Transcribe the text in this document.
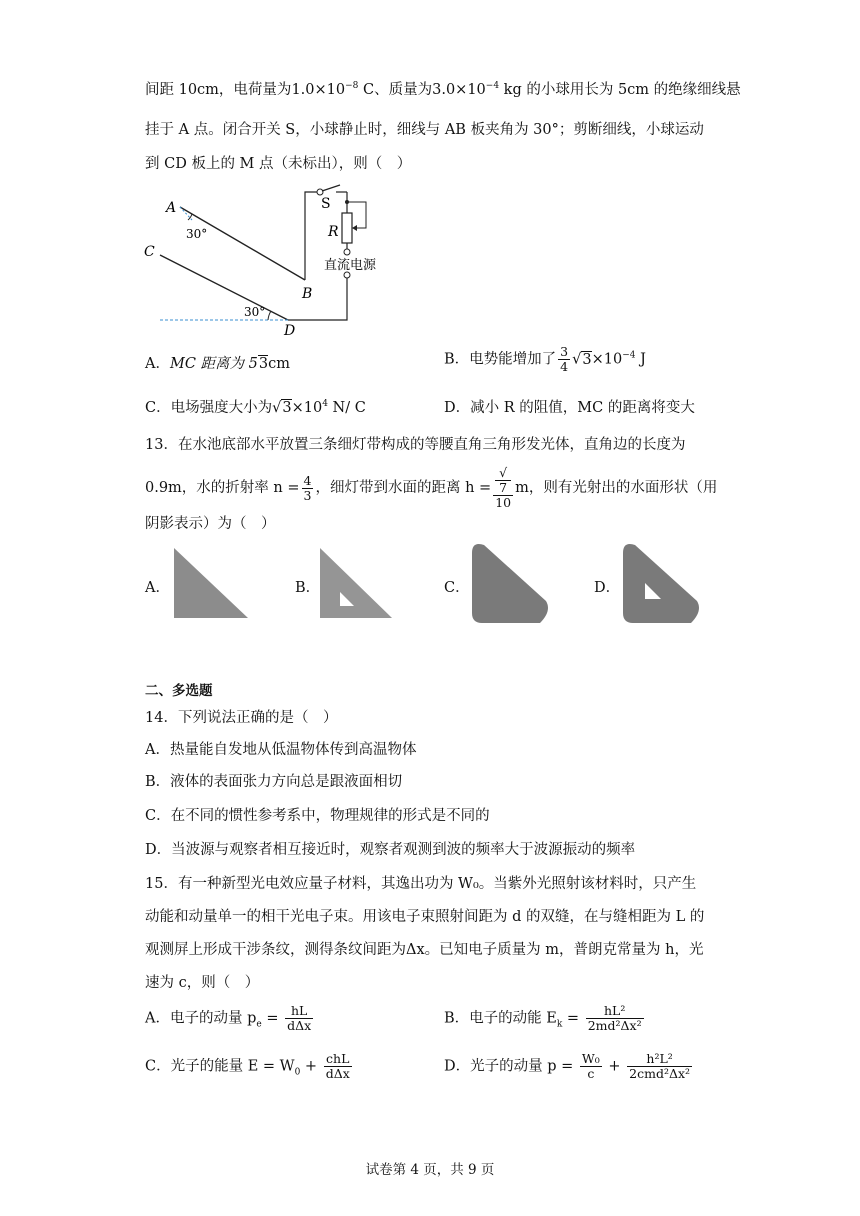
间距 10cm，电荷量为$1.0\times 10^{-8}$ C、质量为$3.0\times 10^{-4}$ kg 的小球用长为 5cm 的绝缘细线悬
挂于 A 点。闭合开关 S，小球静止时，细线与 AB 板夹角为 30°；剪断细线，小球运动
到 CD 板上的 M 点（未标出），则（　）
A
30°
C
B
30°
D
S
R
直流电源
A．MC 距离为 53cm	B．电势能增加了 $\frac{3}{4} √3\times 10^{-4}$ J
C．电场强度大小为$√3\times 10^4$ N/ C	D．减小 R 的阻值，MC 的距离将变大
13．在水池底部水平放置三条细灯带构成的等腰直角三角形发光体，直角边的长度为
0.9m，水的折射率 $n = \frac{4}{3}$ ，细灯带到水面的距离 h = √
7
10 m，则有光射出的水面形状（用
阴影表示）为（　）
A．	B．	C．	D．
二、多选题
14．下列说法正确的是（　）
A．热量能自发地从低温物体传到高温物体
B．液体的表面张力方向总是跟液面相切
C．在不同的惯性参考系中，物理规律的形式是不同的
D．当波源与观察者相互接近时，观察者观测到波的频率大于波源振动的频率
15．有一种新型光电效应量子材料，其逸出功为 W₀。当紫外光照射该材料时，只产生
动能和动量单一的相干光电子束。用该电子束照射间距为 d 的双缝，在与缝相距为 L 的
观测屏上形成干涉条纹，测得条纹间距为Δx。已知电子质量为 m，普朗克常量为 h，光
速为 c，则（　）
A．电子的动量 $p_e = \frac{hL}{\text{dΔx}}$	B．电子的动能 $E_k = \frac{\text{hL²}}{\text{2md²Δx²}}$
C．光子的能量 $E = W_0 + \frac{\text{chL}}{\text{dΔx}}$	D．光子的动量 $p = \frac{\text{W₀}}{c} + \frac{\text{h²L²}}{\text{2cmd²Δx²}}$
试卷第 4 页，共 9 页
